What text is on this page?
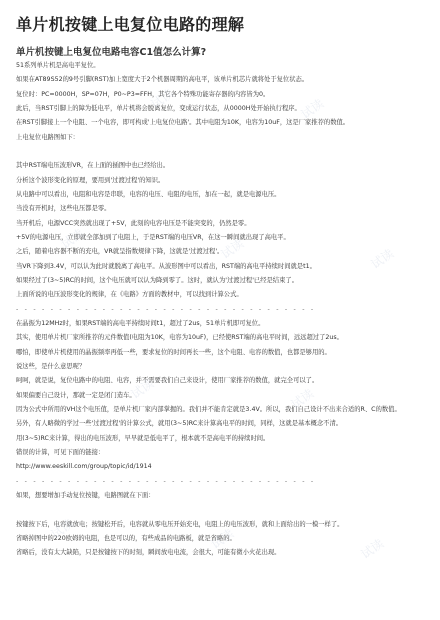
单片机按键上电复位电路的理解
单片机按键上电复位电路电容C1值怎么计算?
51系列单片机是高电平复位。
如果在AT89S52的9号引脚(RST)加上宽度大于2个机器周期的高电平，该单片机芯片就将处于复位状态。
复位时：PC=0000H，SP=07H，P0~P3=FFH，其它各个特殊功能寄存器的内容皆为0。
此后，当RST引脚上的障为低电平，单片机将会脱离复位，变成运行状态，从0000H处开始执行程序。
在RST引脚接上一个电阻、一个电容，即可构成'上电复位电路'。其中电阻为10K，电容为10uF，这是厂家推荐的数值。
上电复位电路图如下：

其中RST端电压波形VR，在上面的插图中也已经给出。
分析这个波形变化的原理，要用到'过渡过程'的知识。
从电路中可以看出，电阻和电容是串联，电容的电压、电阻的电压，加在一起，就是电源电压。
当没有开机时，这些电压都是零。
当开机后，电源VCC突然就出现了+5V，此刻的电容电压是不能突变的，仍然是零。
+5V的电源电压，立即就全部加到了电阻上，于是RST端的电压VR，在这一瞬间就出现了高电平。
之后，随着电容器不断的充电，VR就呈指数规律下降，这就是'过渡过程'。
当VR下降到3.4V，可以认为此时就脱离了高电平。从波形图中可以看出，RST端的高电平持续时间就是t1。
如果经过了(3~5)RC的时间，这个电压就可以认为降到零了。这时，就认为'过渡过程'已经是结束了。
上面所说的电压波形变化的规律，在《电路》方面的教材中，可以找到计算公式。
- - - - - - - - - - - - - - - - - - - - - - - - - - - - - - - - - - -
在晶振为12MHz时，如果RST端的高电平持续时间t1，超过了2us，51单片机即可复位。
其实，使用单片机厂家所推荐的元件数值(电阻为10K，电容为10uF)，已经使RST端的高电平时间，远远超过了2us。
哪怕，即使单片机使用的晶振频率再低一些，要求复位的时间再长一些，这个电阻、电容的数值，也都是够用的。
说这些，是什么意思呢？
呵呵，就是说，复位电路中的电阻、电容，并不需要我们自己来设计，使用厂家推荐的数值，就完全可以了。
如果偏要自己设计，那就一定是闭门造车。
因为公式中所用的VH这个电压值，是单片机厂家内部掌握的。我们并不能肯定就是3.4V。所以，我们自己设计不出来合适的R、C的数值。
另外，有人略微的学过一些'过渡过程'的计算公式，就用(3~5)RC来计算高电平的时间，同样，这就是基本概念不清。
用(3~5)RC来计算，得出的电压波形，早早就是低电平了，根本就不是高电平的持续时间。
错误的计算，可见下面的链接：
http://www.eeskill.com/group/topic/id/1914
- - - - - - - - - - - - - - - - - - - - - - - - - - - - - - - - - - -
如果，想要增加手动复位按键，电路图就在下面：

按键按下后，电容就放电；按键松开后，电容就从零电压开始充电，电阻上的电压波形，就和上面给出的一模一样了。
省略掉图中的220欧姆的电阻，也是可以的，有些成品的电路板，就是省略的。
省略后，没有太大缺陷，只是按键按下的时刻，瞬间放电电流，会很大，可能有微小火花出现。
试读	试读
试读	试读	试读
试读	试读
试读	试读	试读
